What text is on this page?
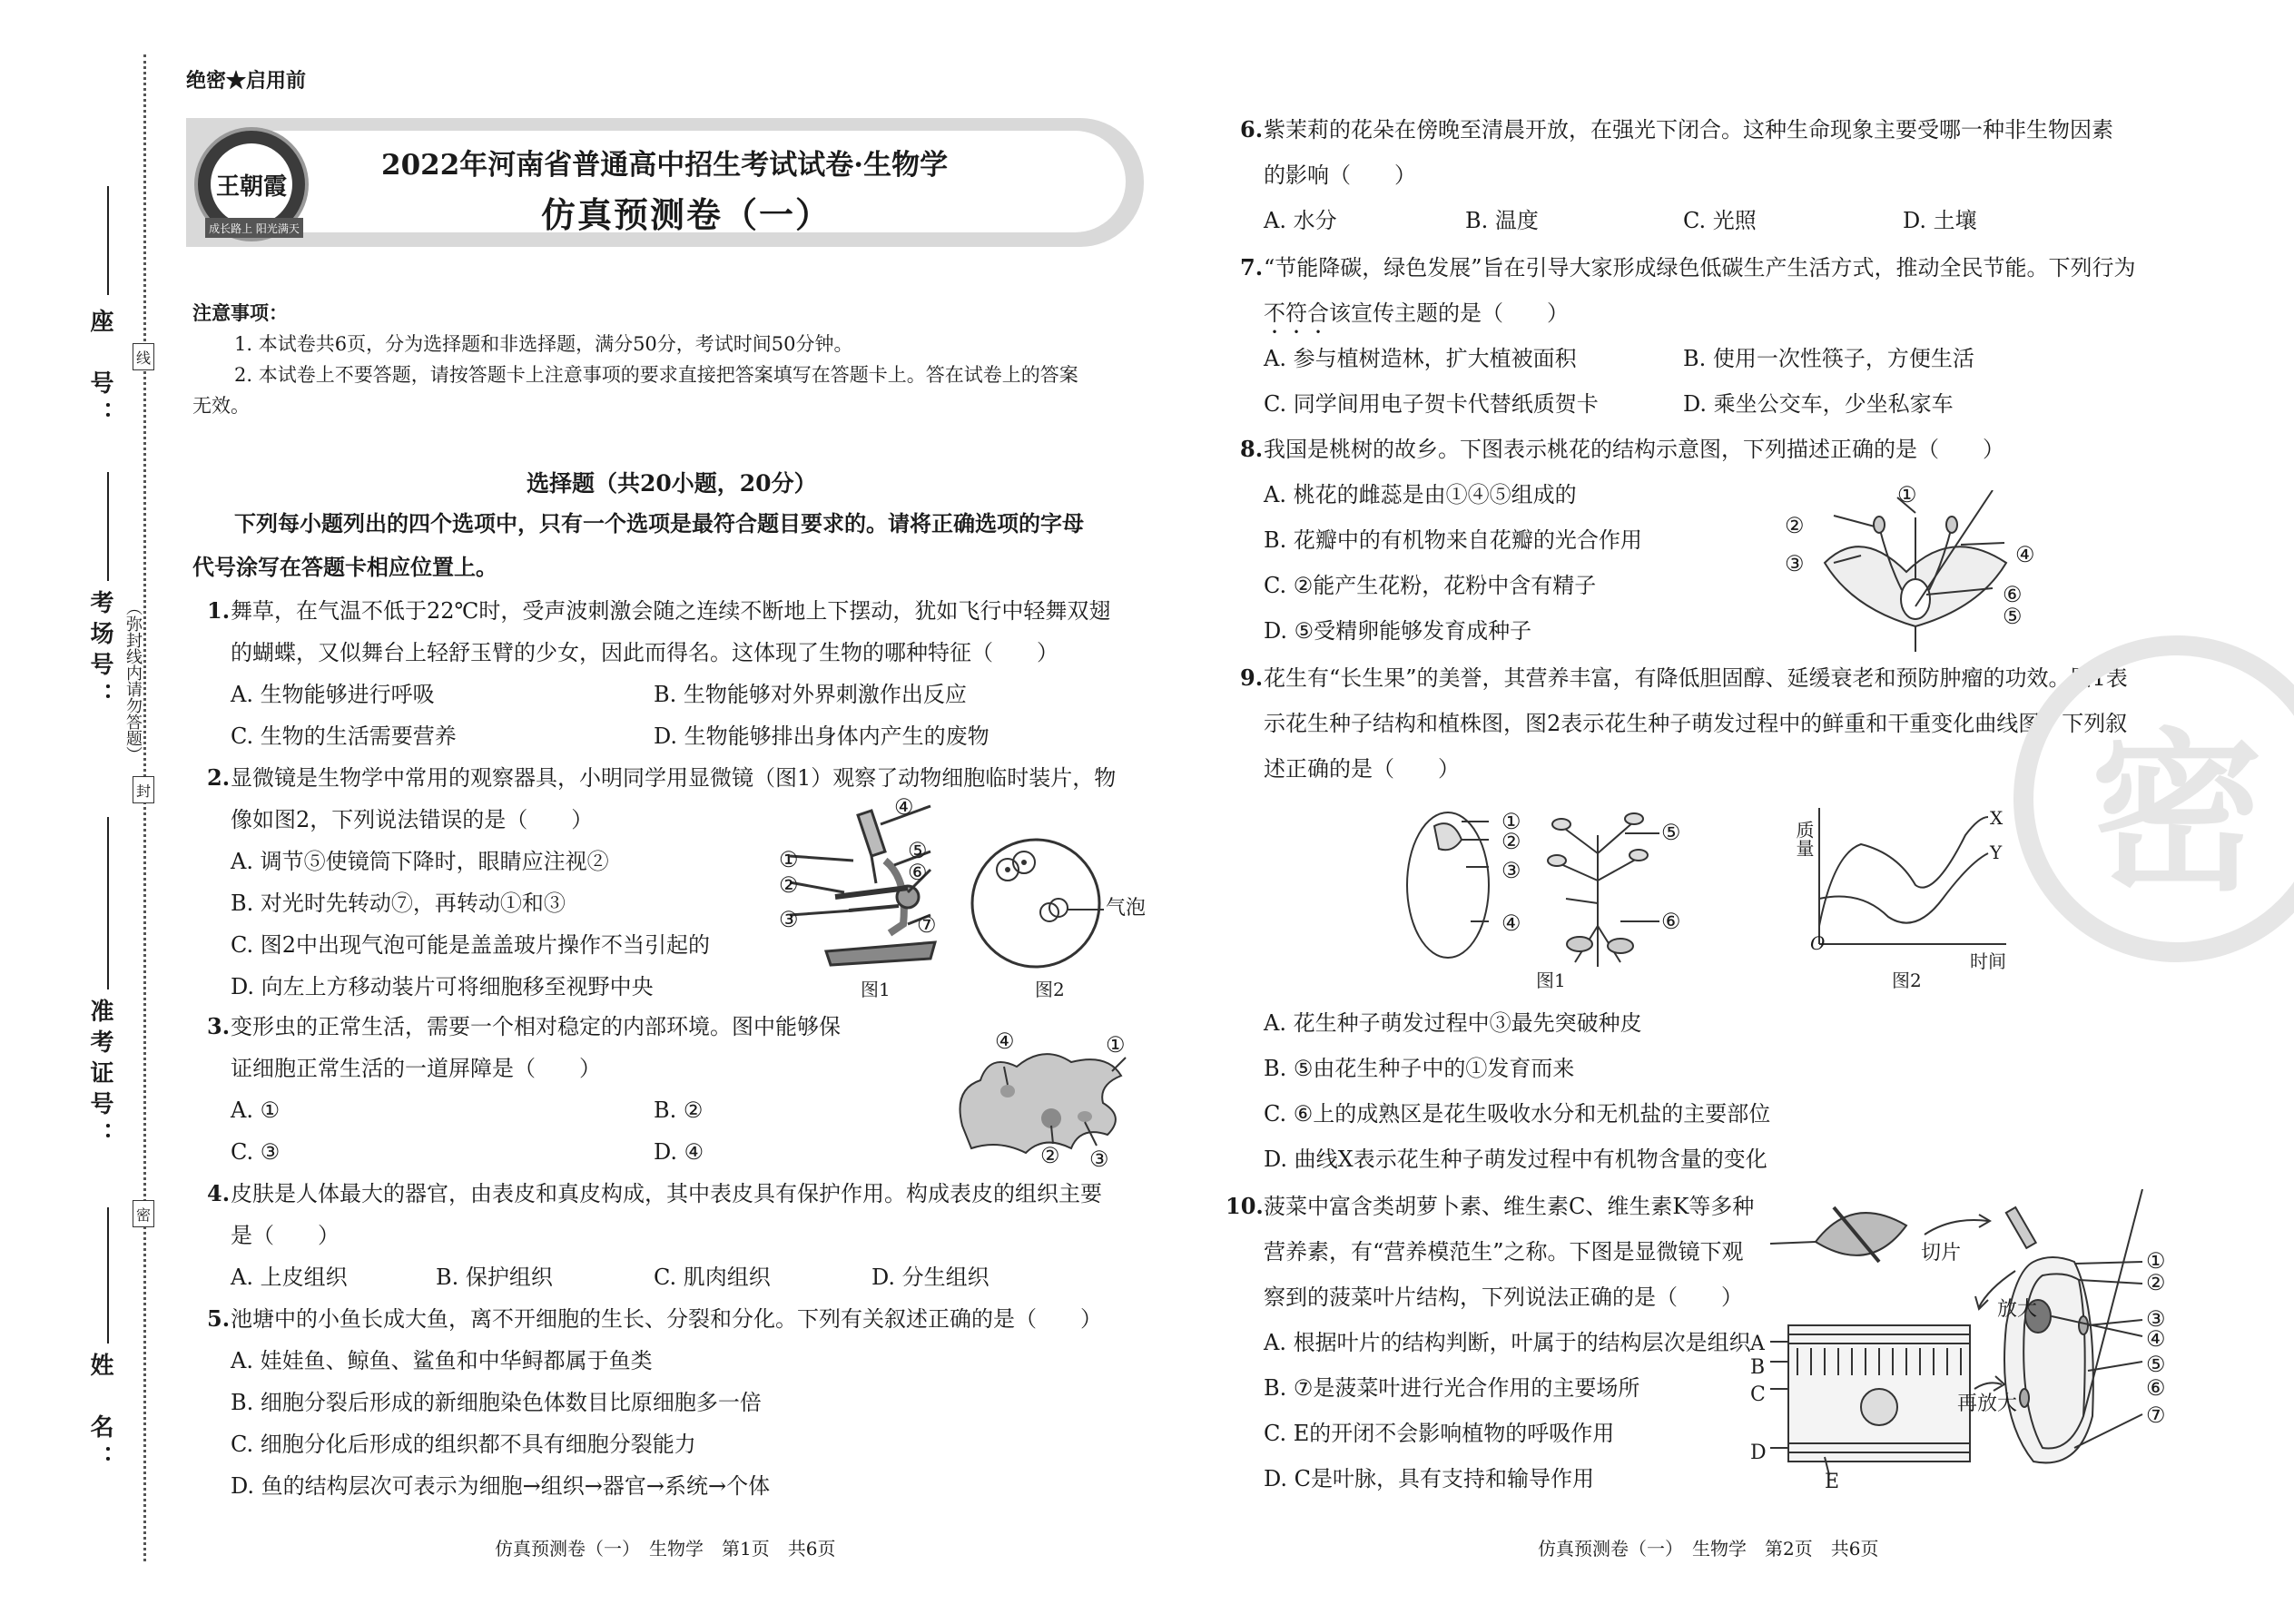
座　号：
考场号：
准考证号：
姓　名：
线
封
密
（弥封线内请勿答题）
绝密★启用前
王朝霞
成长路上 阳光满天
2022年河南省普通高中招生考试试卷·生物学
仿真预测卷（一）
注意事项：
1. 本试卷共6页，分为选择题和非选择题，满分50分，考试时间50分钟。
2. 本试卷上不要答题，请按答题卡上注意事项的要求直接把答案填写在答题卡上。答在试卷上的答案
无效。
选择题（共20小题，20分）
下列每小题列出的四个选项中，只有一个选项是最符合题目要求的。请将正确选项的字母
代号涂写在答题卡相应位置上。
1. 舞草，在气温不低于22℃时，受声波刺激会随之连续不断地上下摆动，犹如飞行中轻舞双翅
的蝴蝶，又似舞台上轻舒玉臂的少女，因此而得名。这体现了生物的哪种特征（　　）
A. 生物能够进行呼吸	B. 生物能够对外界刺激作出反应
C. 生物的生活需要营养	D. 生物能够排出身体内产生的废物
2. 显微镜是生物学中常用的观察器具，小明同学用显微镜（图1）观察了动物细胞临时装片，物
像如图2，下列说法错误的是（　　）
A. 调节⑤使镜筒下降时，眼睛应注视②
B. 对光时先转动⑦，再转动①和③
C. 图2中出现气泡可能是盖盖玻片操作不当引起的
D. 向左上方移动装片可将细胞移至视野中央
①
②
③
④
⑤
⑥
⑦
图1
气泡
图2
3. 变形虫的正常生活，需要一个相对稳定的内部环境。图中能够保
证细胞正常生活的一道屏障是（　　）
A. ①	B. ②
C. ③	D. ④
④	①
② ③
4. 皮肤是人体最大的器官，由表皮和真皮构成，其中表皮具有保护作用。构成表皮的组织主要
是（　　）
A. 上皮组织	B. 保护组织	C. 肌肉组织	D. 分生组织
5. 池塘中的小鱼长成大鱼，离不开细胞的生长、分裂和分化。下列有关叙述正确的是（　　）
A. 娃娃鱼、鲸鱼、鲨鱼和中华鲟都属于鱼类
B. 细胞分裂后形成的新细胞染色体数目比原细胞多一倍
C. 细胞分化后形成的组织都不具有细胞分裂能力
D. 鱼的结构层次可表示为细胞→组织→器官→系统→个体
仿真预测卷（一）　生物学　第1页　共6页
6. 紫茉莉的花朵在傍晚至清晨开放，在强光下闭合。这种生命现象主要受哪一种非生物因素
的影响（　　）
A. 水分	B. 温度	C. 光照	D. 土壤
7. “节能降碳，绿色发展”旨在引导大家形成绿色低碳生产生活方式，推动全民节能。下列行为
不符合该宣传主题的是（　　）
A. 参与植树造林，扩大植被面积	B. 使用一次性筷子，方便生活
C. 同学间用电子贺卡代替纸质贺卡	D. 乘坐公交车，少坐私家车
8. 我国是桃树的故乡。下图表示桃花的结构示意图，下列描述正确的是（　　）
A. 桃花的雌蕊是由①④⑤组成的
B. 花瓣中的有机物来自花瓣的光合作用
C. ②能产生花粉，花粉中含有精子
D. ⑤受精卵能够发育成种子
①
②
③	④
⑥
⑤
9. 花生有“长生果”的美誉，其营养丰富，有降低胆固醇、延缓衰老和预防肿瘤的功效。图1表
示花生种子结构和植株图，图2表示花生种子萌发过程中的鲜重和干重变化曲线图，下列叙
述正确的是（　　）
①
②
③
④
⑤
⑥
图1
质量
O
时间
X
Y
图2
A. 花生种子萌发过程中③最先突破种皮
B. ⑤由花生种子中的①发育而来
C. ⑥上的成熟区是花生吸收水分和无机盐的主要部位
D. 曲线X表示花生种子萌发过程中有机物含量的变化
10. 菠菜中富含类胡萝卜素、维生素C、维生素K等多种
营养素，有“营养模范生”之称。下图是显微镜下观
察到的菠菜叶片结构，下列说法正确的是（　　）
A. 根据叶片的结构判断，叶属于的结构层次是组织
B. ⑦是菠菜叶进行光合作用的主要场所
C. E的开闭不会影响植物的呼吸作用
D. C是叶脉，具有支持和输导作用
切片
放大
再放大
A
B
C
D
E
①
②
③
④
⑤
⑥
⑦
仿真预测卷（一）　生物学　第2页　共6页
密
